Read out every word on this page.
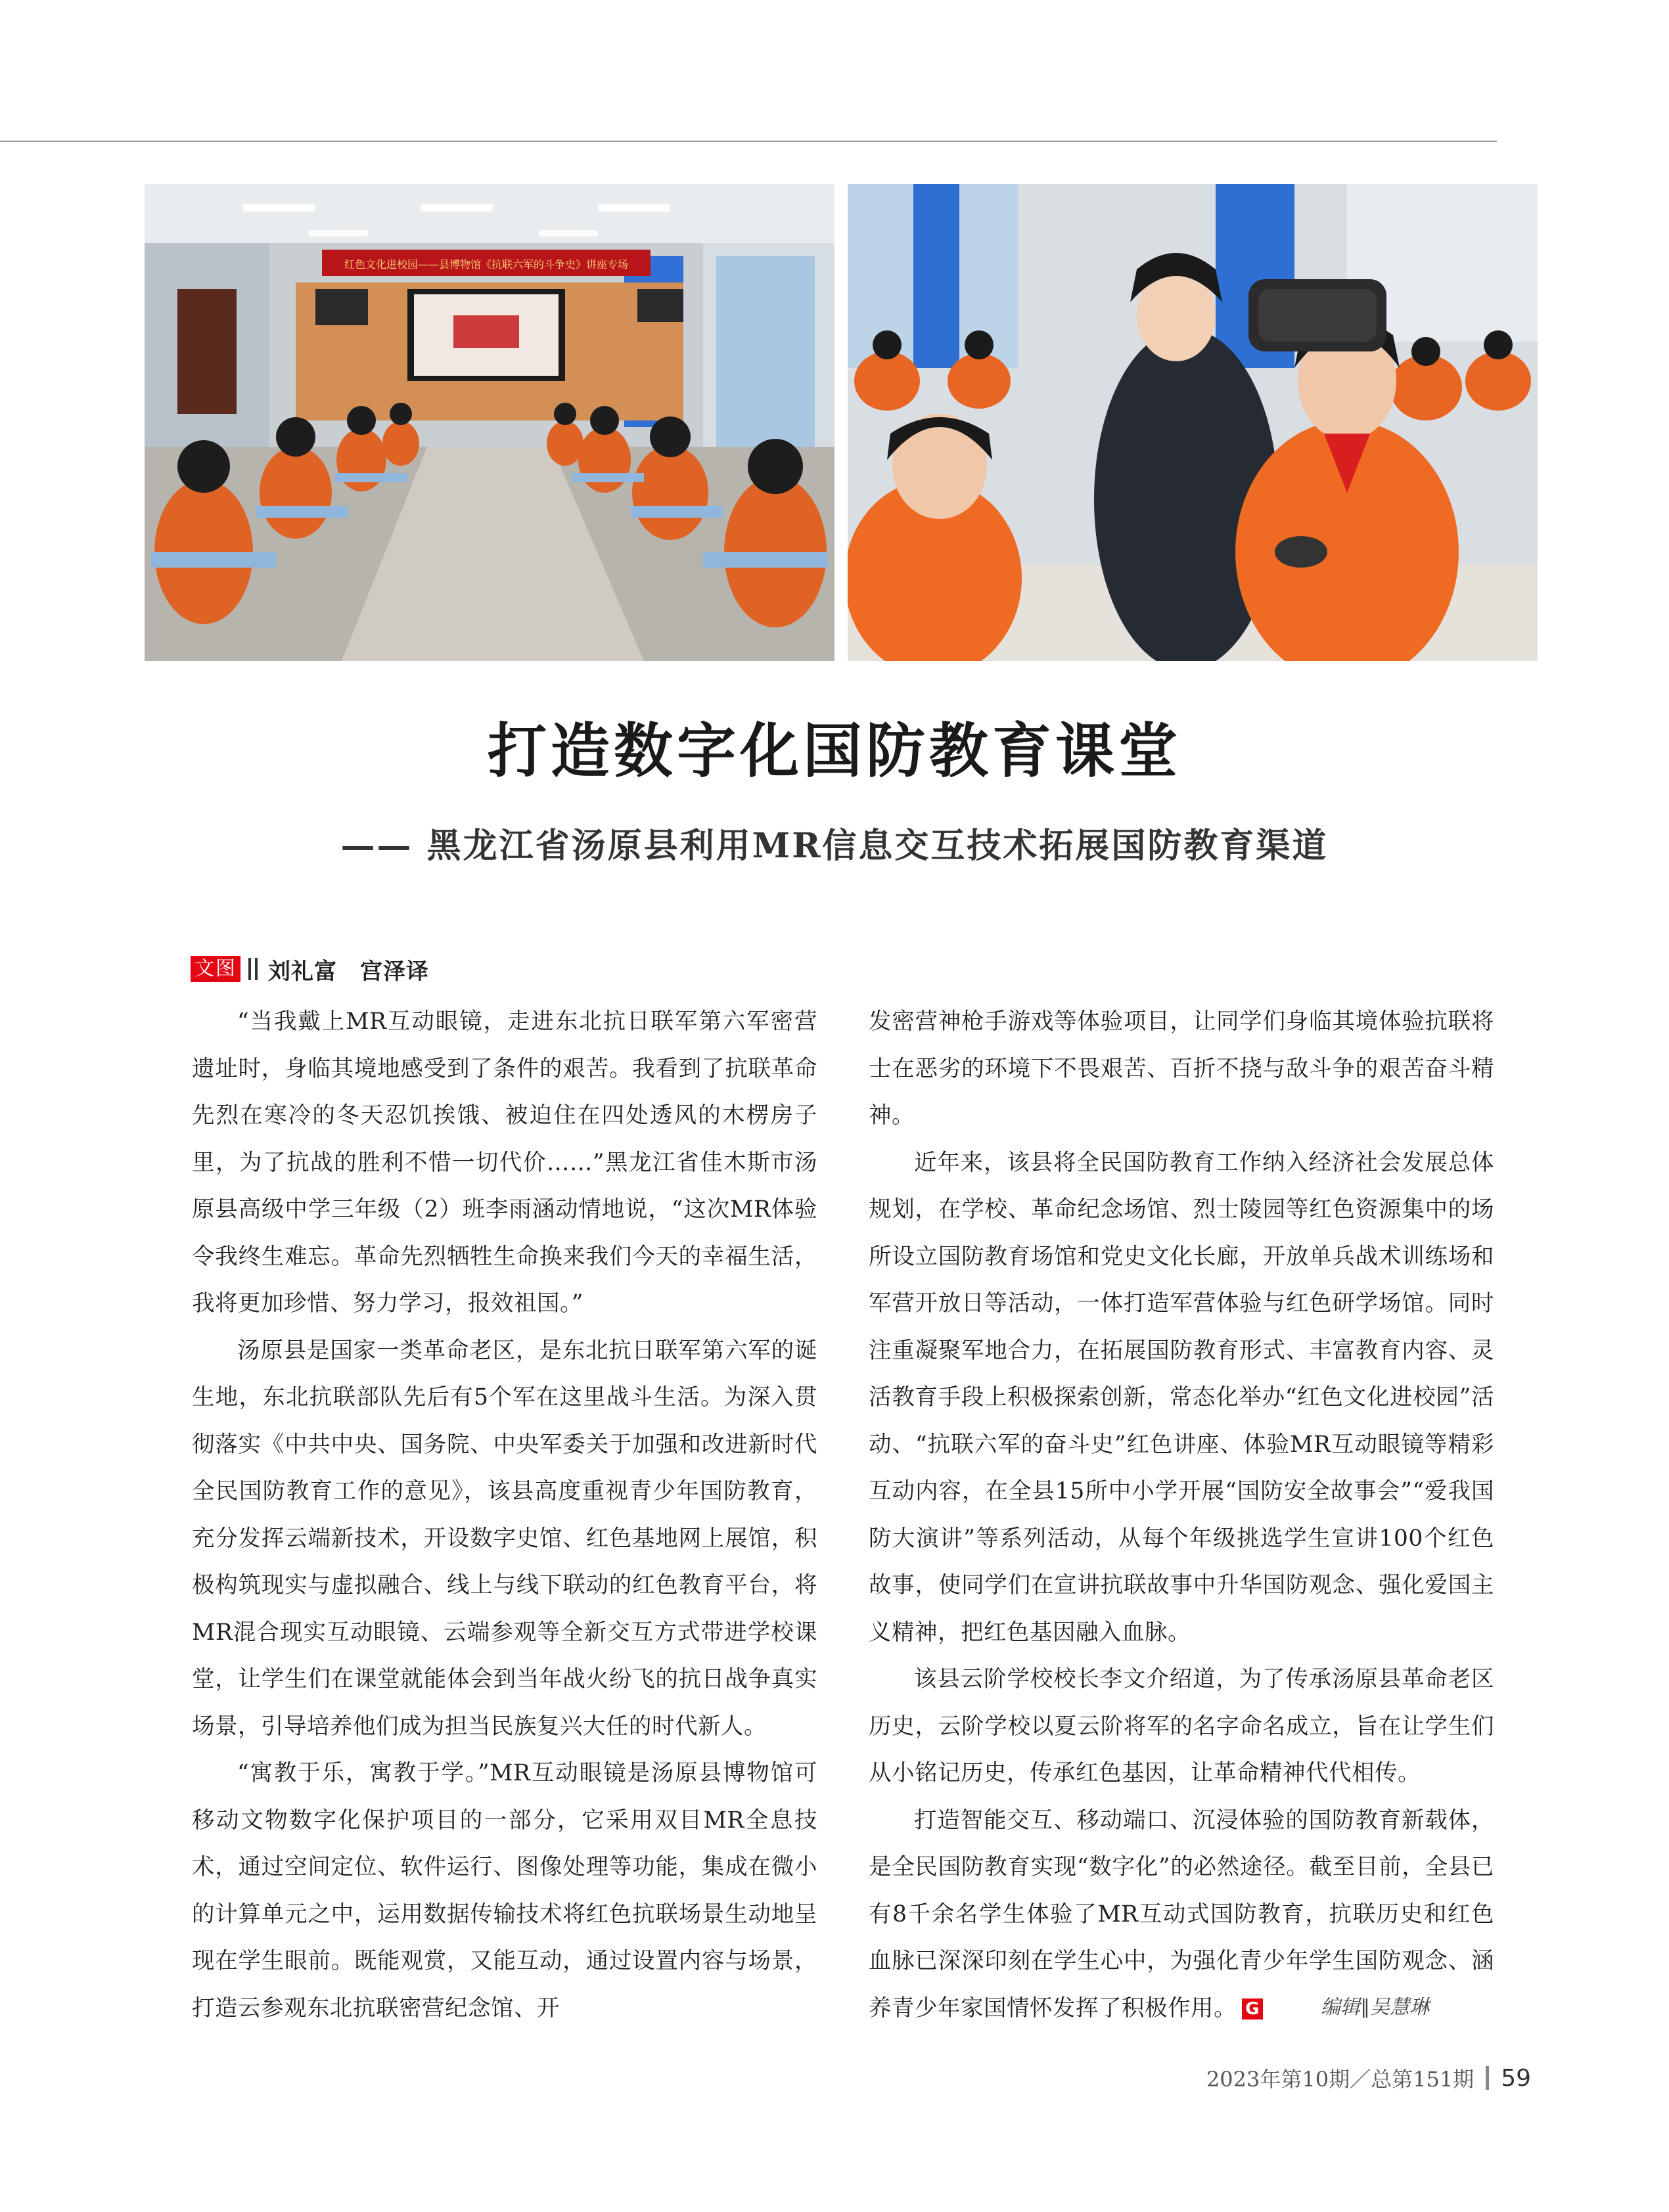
红色文化进校园——县博物馆《抗联六军的斗争史》讲座专场
打造数字化国防教育课堂
—— 黑龙江省汤原县利用MR信息交互技术拓展国防教育渠道
文图 刘礼富　宫泽译

“当我戴上MR互动眼镜，走进东北抗日联军第六军密营遗址时，身临其境地感受到了条件的艰苦。我看到了抗联革命先烈在寒冷的冬天忍饥挨饿、被迫住在四处透风的木楞房子里，为了抗战的胜利不惜一切代价……”黑龙江省佳木斯市汤原县高级中学三年级（2）班李雨涵动情地说，“这次MR体验令我终生难忘。革命先烈牺牲生命换来我们今天的幸福生活，我将更加珍惜、努力学习，报效祖国。”

汤原县是国家一类革命老区，是东北抗日联军第六军的诞生地，东北抗联部队先后有5个军在这里战斗生活。为深入贯彻落实《中共中央、国务院、中央军委关于加强和改进新时代全民国防教育工作的意见》，该县高度重视青少年国防教育，充分发挥云端新技术，开设数字史馆、红色基地网上展馆，积极构筑现实与虚拟融合、线上与线下联动的红色教育平台，将MR混合现实互动眼镜、云端参观等全新交互方式带进学校课堂，让学生们在课堂就能体会到当年战火纷飞的抗日战争真实场景，引导培养他们成为担当民族复兴大任的时代新人。

“寓教于乐，寓教于学。”MR互动眼镜是汤原县博物馆可移动文物数字化保护项目的一部分，它采用双目MR全息技术，通过空间定位、软件运行、图像处理等功能，集成在微小的计算单元之中，运用数据传输技术将红色抗联场景生动地呈现在学生眼前。既能观赏，又能互动，通过设置内容与场景，打造云参观东北抗联密营纪念馆、开

发密营神枪手游戏等体验项目，让同学们身临其境体验抗联将士在恶劣的环境下不畏艰苦、百折不挠与敌斗争的艰苦奋斗精神。

近年来，该县将全民国防教育工作纳入经济社会发展总体规划，在学校、革命纪念场馆、烈士陵园等红色资源集中的场所设立国防教育场馆和党史文化长廊，开放单兵战术训练场和军营开放日等活动，一体打造军营体验与红色研学场馆。同时注重凝聚军地合力，在拓展国防教育形式、丰富教育内容、灵活教育手段上积极探索创新，常态化举办“红色文化进校园”活动、“抗联六军的奋斗史”红色讲座、体验MR互动眼镜等精彩互动内容，在全县15所中小学开展“国防安全故事会”“爱我国防大演讲”等系列活动，从每个年级挑选学生宣讲100个红色故事，使同学们在宣讲抗联故事中升华国防观念、强化爱国主义精神，把红色基因融入血脉。

该县云阶学校校长李文介绍道，为了传承汤原县革命老区历史，云阶学校以夏云阶将军的名字命名成立，旨在让学生们从小铭记历史，传承红色基因，让革命精神代代相传。

打造智能交互、移动端口、沉浸体验的国防教育新载体，是全民国防教育实现“数字化”的必然途径。截至目前，全县已有8千余名学生体验了MR互动式国防教育，抗联历史和红色血脉已深深印刻在学生心中，为强化青少年学生国防观念、涵养青少年家国情怀发挥了积极作用。 G	编辑∥吴慧琳
2023年第10期／总第151期 59
